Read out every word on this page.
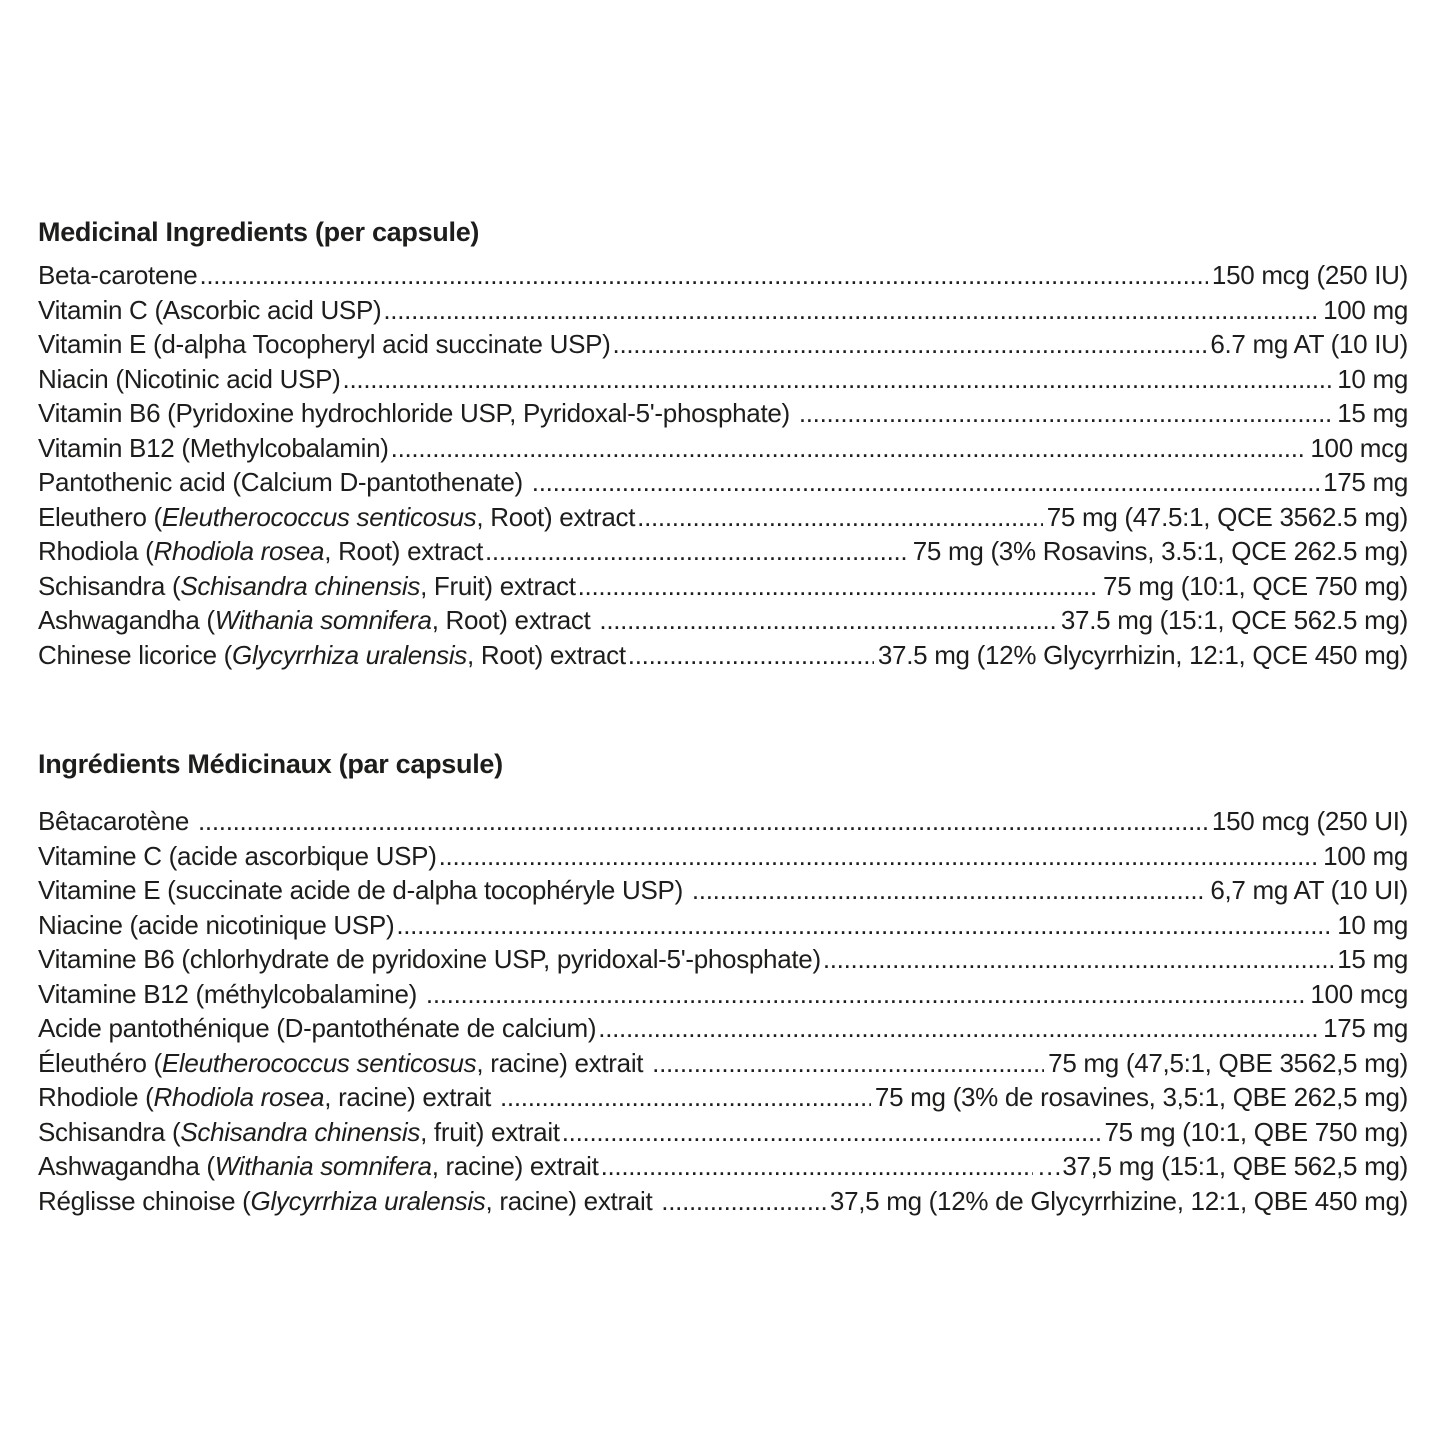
Medicinal Ingredients (per capsule)
Beta-carotene .....	150 mcg (250 IU)
Vitamin C (Ascorbic acid USP) .....	100 mg
Vitamin E (d-alpha Tocopheryl acid succinate USP) .....	6.7 mg AT (10 IU)
Niacin (Nicotinic acid USP) .....	10 mg
Vitamin B6 (Pyridoxine hydrochloride USP, Pyridoxal-5'-phosphate) .....	15 mg
Vitamin B12 (Methylcobalamin) .....	100 mcg
Pantothenic acid (Calcium D-pantothenate) .....	175 mg
Eleuthero (Eleutherococcus senticosus, Root) extract .....	75 mg (47.5:1, QCE 3562.5 mg)
Rhodiola (Rhodiola rosea, Root) extract .....	75 mg (3% Rosavins, 3.5:1, QCE 262.5 mg)
Schisandra (Schisandra chinensis, Fruit) extract .....	75 mg (10:1, QCE 750 mg)
Ashwagandha (Withania somnifera, Root) extract .....	37.5 mg (15:1, QCE 562.5 mg)
Chinese licorice (Glycyrrhiza uralensis, Root) extract .....	37.5 mg (12% Glycyrrhizin, 12:1, QCE 450 mg)
Ingrédients Médicinaux (par capsule)
Bêtacarotène .....	150 mcg (250 UI)
Vitamine C (acide ascorbique USP) .....	100 mg
Vitamine E (succinate acide de d-alpha tocophéryle USP) .....	6,7 mg AT (10 UI)
Niacine (acide nicotinique USP) .....	10 mg
Vitamine B6 (chlorhydrate de pyridoxine USP, pyridoxal-5'-phosphate) .....	15 mg
Vitamine B12 (méthylcobalamine) .....	100 mcg
Acide pantothénique (D-pantothénate de calcium) .....	175 mg
Éleuthéro (Eleutherococcus senticosus, racine) extrait .....	75 mg (47,5:1, QBE 3562,5 mg)
Rhodiole (Rhodiola rosea, racine) extrait .....	75 mg (3% de rosavines, 3,5:1, QBE 262,5 mg)
Schisandra (Schisandra chinensis, fruit) extrait .....	75 mg (10:1, QBE 750 mg)
Ashwagandha (Withania somnifera, racine) extrait .....	…37,5 mg (15:1, QBE 562,5 mg)
Réglisse chinoise (Glycyrrhiza uralensis, racine) extrait .....	37,5 mg (12% de Glycyrrhizine, 12:1, QBE 450 mg)
